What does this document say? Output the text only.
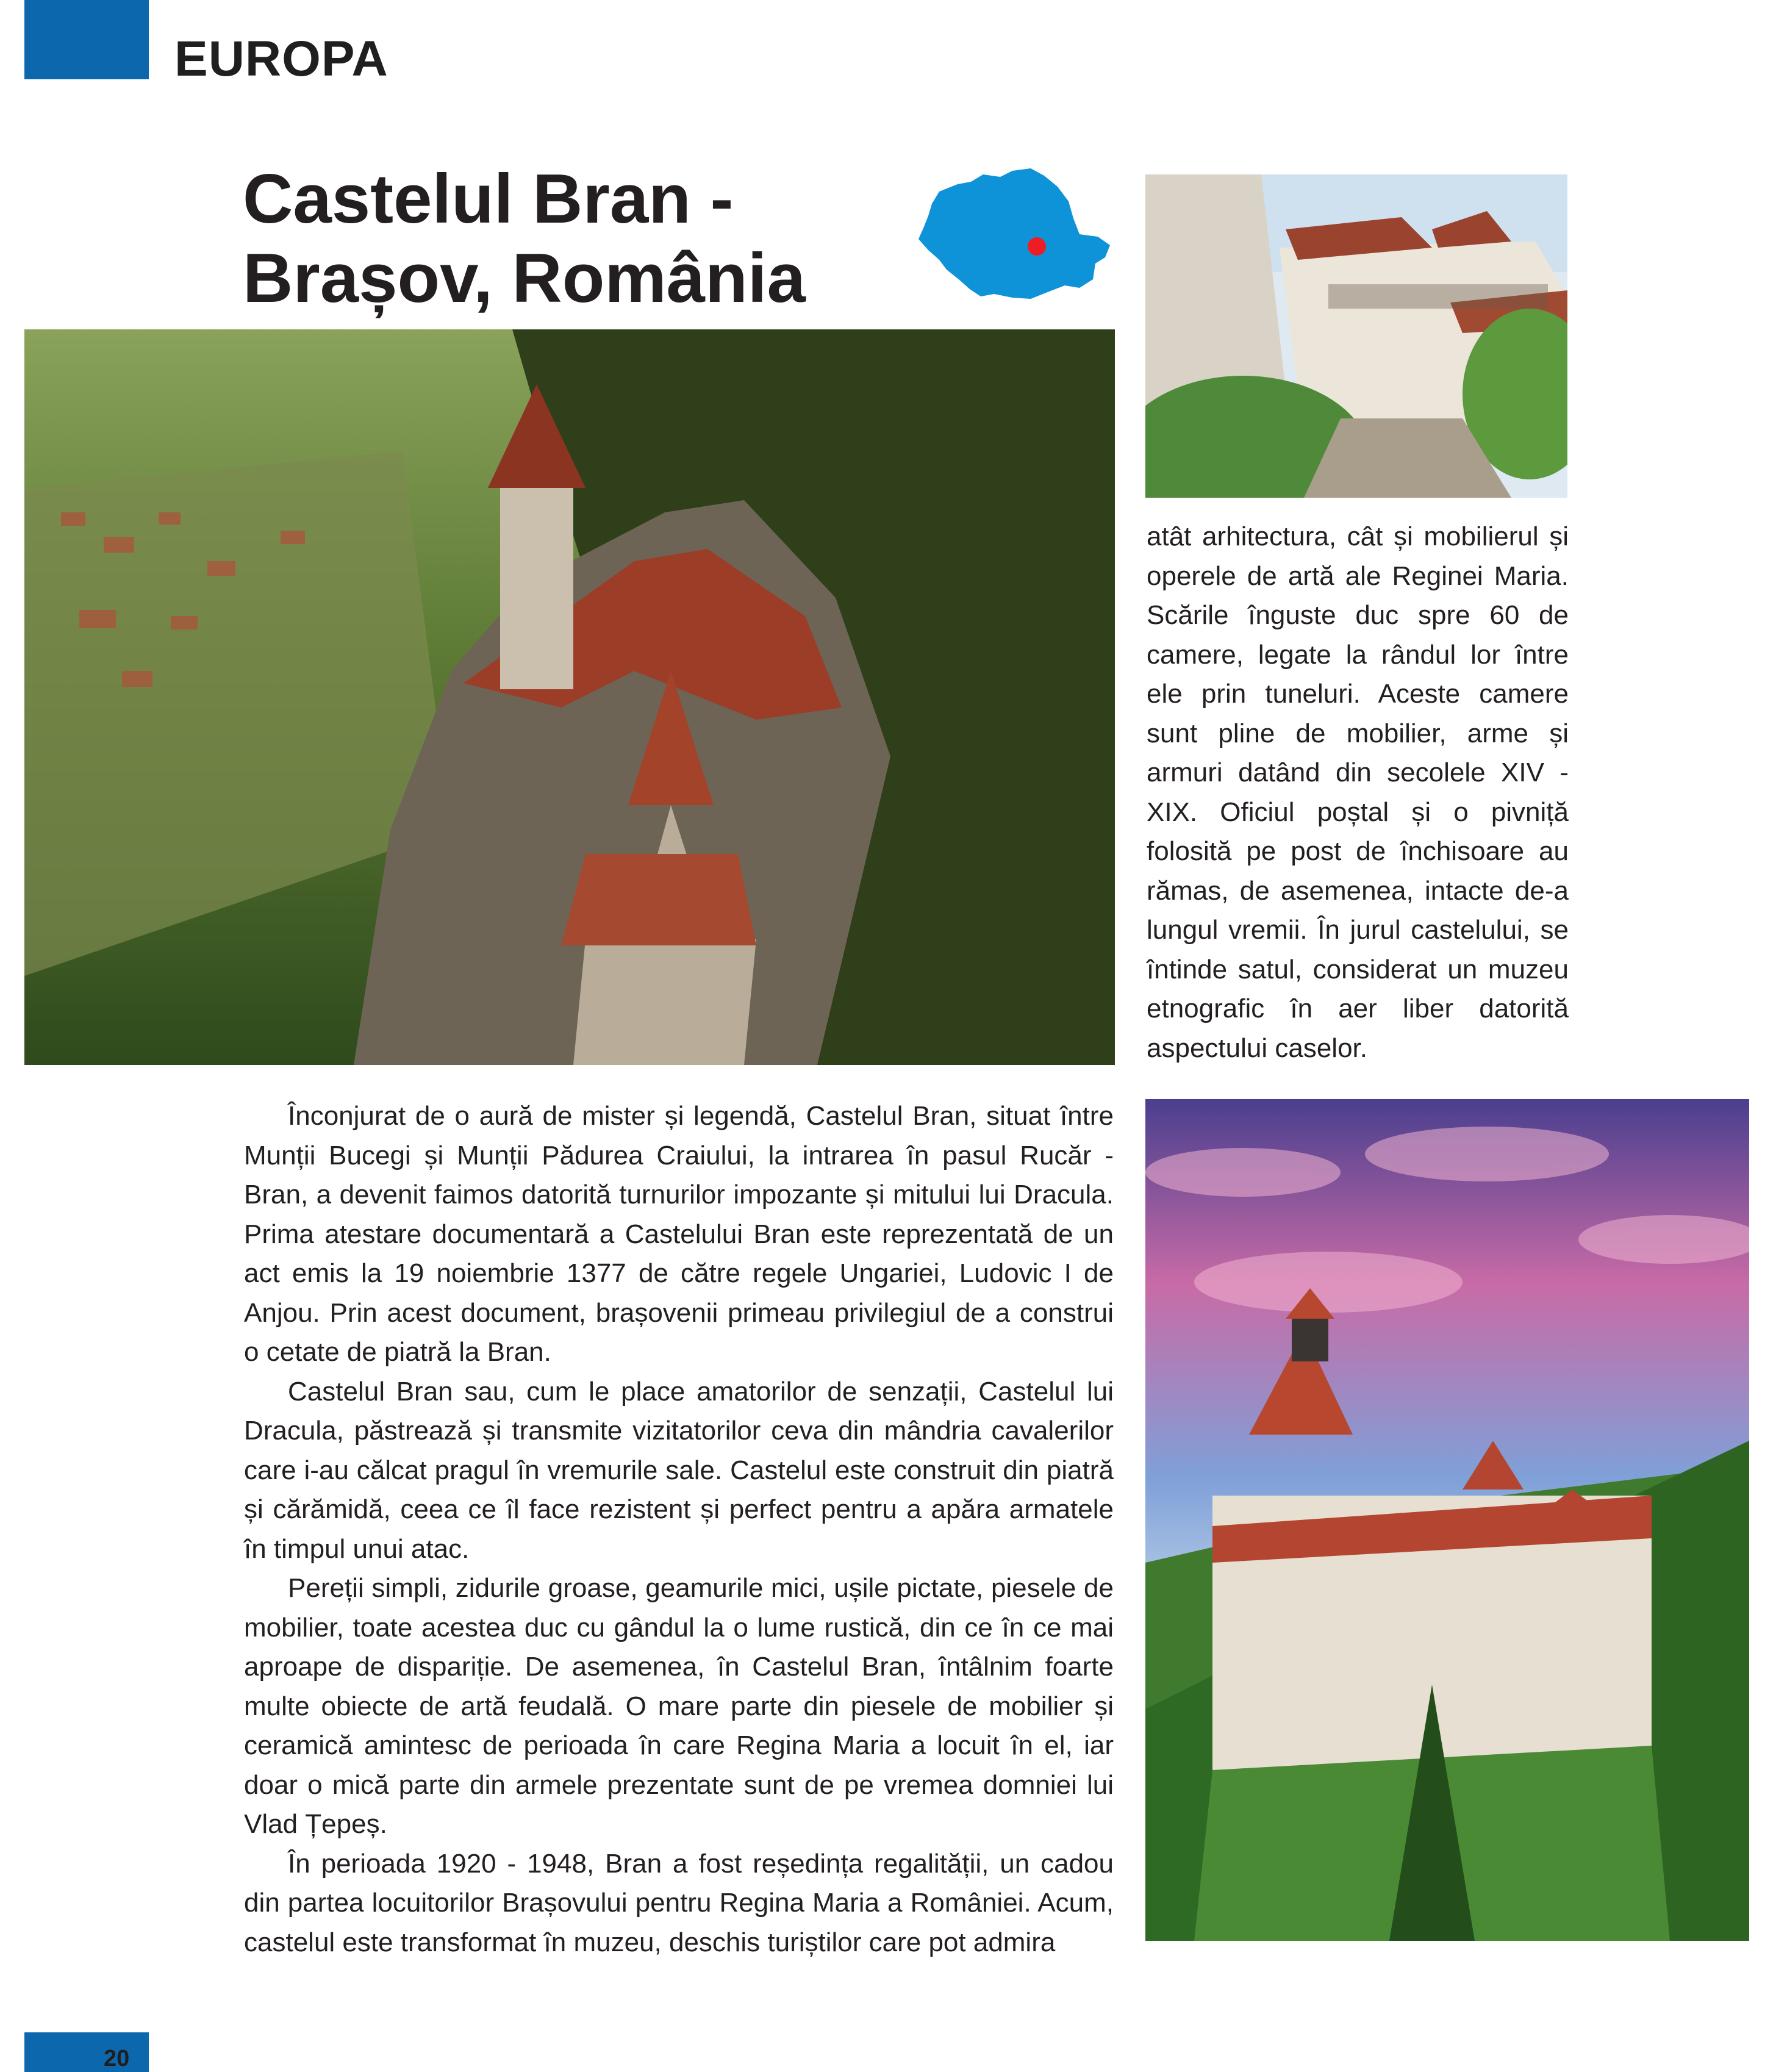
EUROPA
Castelul Bran -
Brașov, România
atât arhitectura, cât și mobilierul și operele de artă ale Reginei Maria. Scările înguste duc spre 60 de camere, legate la rândul lor între ele prin tuneluri. Aceste camere sunt pline de mobilier, arme și armuri datând din secolele XIV - XIX. Oficiul poștal și o pivniță folosită pe post de închisoare au rămas, de asemenea, intacte de-a lungul vremii. În jurul castelului, se întinde satul, considerat un muzeu etnografic în aer liber datorită aspectului caselor.

Înconjurat de o aură de mister și legendă, Castelul Bran, situat între Munții Bucegi și Munții Pădurea Craiului, la intrarea în pasul Rucăr - Bran, a devenit faimos datorită turnurilor impozante și mitului lui Dracula. Prima atestare documentară a Castelului Bran este reprezentată de un act emis la 19 noiembrie 1377 de către regele Ungariei, Ludovic I de Anjou. Prin acest document, brașovenii primeau privilegiul de a construi o cetate de piatră la Bran.

Castelul Bran sau, cum le place amatorilor de senzații, Castelul lui Dracula, păstrează și transmite vizitatorilor ceva din mândria cavalerilor care i-au călcat pragul în vremurile sale. Castelul este construit din piatră și cărămidă, ceea ce îl face rezistent și perfect pentru a apăra armatele în timpul unui atac.

Pereții simpli, zidurile groase, geamurile mici, ușile pictate, piesele de mobilier, toate acestea duc cu gândul la o lume rustică, din ce în ce mai aproape de dispariție. De asemenea, în Castelul Bran, întâlnim foarte multe obiecte de artă feudală. O mare parte din piesele de mobilier și ceramică amintesc de perioada în care Regina Maria a locuit în el, iar doar o mică parte din armele prezentate sunt de pe vremea domniei lui Vlad Țepeș.

În perioada 1920 - 1948, Bran a fost reședința regalității, un cadou din partea locuitorilor Brașovului pentru Regina Maria a României. Acum, castelul este transformat în muzeu, deschis turiștilor care pot admira

20
